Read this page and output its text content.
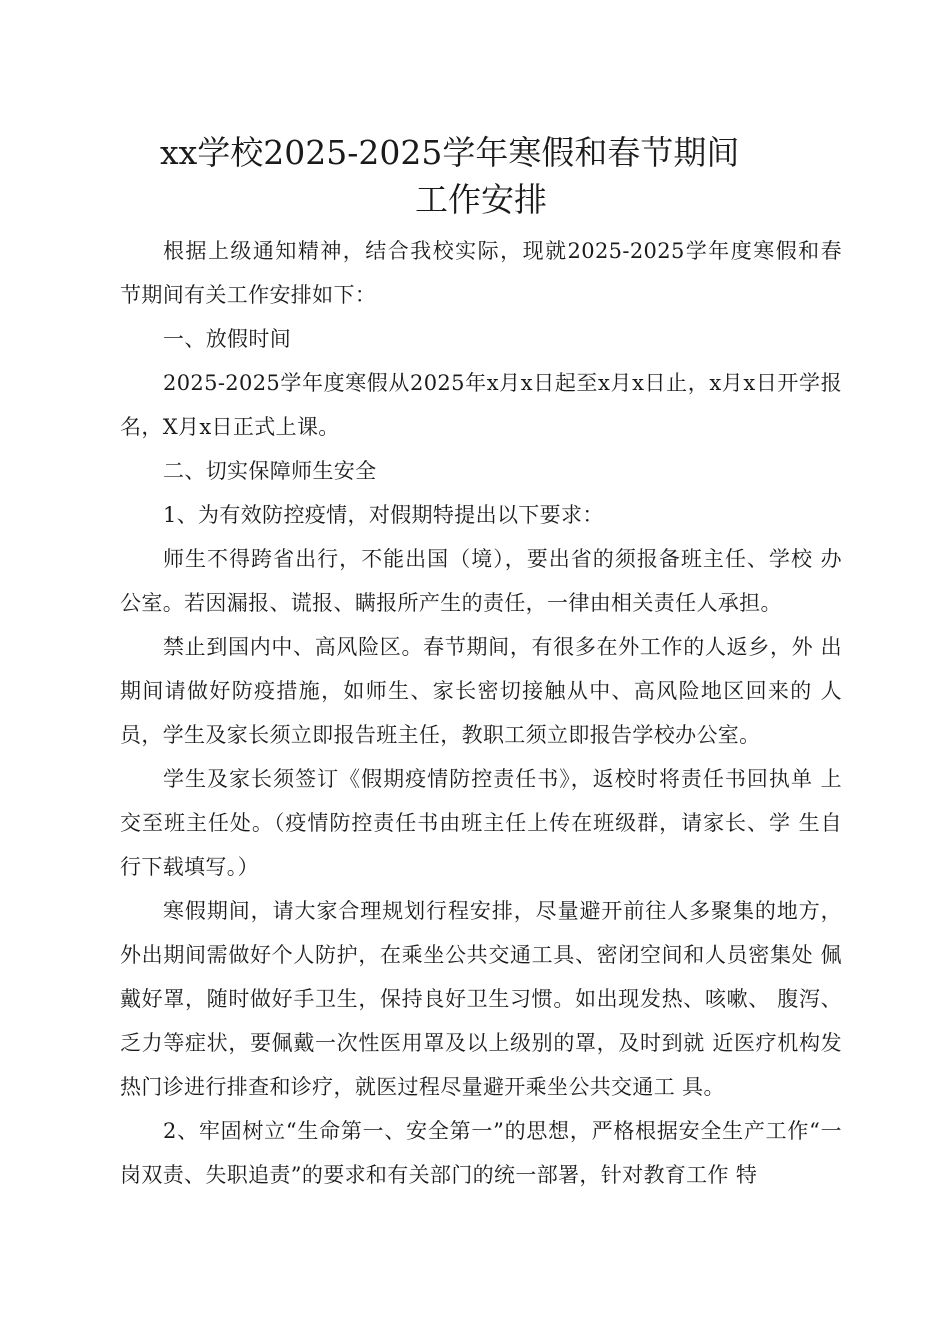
xx学校2025-2025学年寒假和春节期间
工作安排

根据上级通知精神，结合我校实际，现就2025-2025学年度寒假和春 节期间有关工作安排如下：

一、放假时间

2025-2025学年度寒假从2025年x月x日起至x月x日止，x月x日开学报名，X月x日正式上课。

二、切实保障师生安全

1、为有效防控疫情，对假期特提出以下要求：

师生不得跨省出行，不能出国（境），要出省的须报备班主任、学校 办公室。若因漏报、谎报、瞒报所产生的责任，一律由相关责任人承担。

禁止到国内中、高风险区。春节期间，有很多在外工作的人返乡，外 出期间请做好防疫措施，如师生、家长密切接触从中、高风险地区回来的 人员，学生及家长须立即报告班主任，教职工须立即报告学校办公室。

学生及家长须签订《假期疫情防控责任书》，返校时将责任书回执单 上交至班主任处。（疫情防控责任书由班主任上传在班级群，请家长、学 生自行下载填写。）

寒假期间，请大家合理规划行程安排，尽量避开前往人多聚集的地方，外出期间需做好个人防护，在乘坐公共交通工具、密闭空间和人员密集处 佩戴好罩，随时做好手卫生，保持良好卫生习惯。如出现发热、咳嗽、 腹泻、乏力等症状，要佩戴一次性医用罩及以上级别的罩，及时到就 近医疗机构发热门诊进行排查和诊疗，就医过程尽量避开乘坐公共交通工 具。

2、牢固树立“生命第一、安全第一”的思想，严格根据安全生产工作“一岗双责、失职追责”的要求和有关部门的统一部署，针对教育工作 特
